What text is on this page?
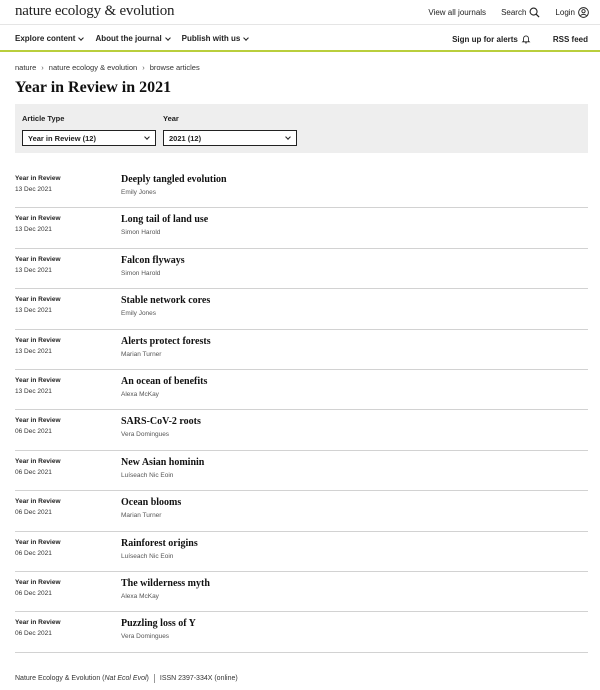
nature ecology & evolution	View all journals Search	Login
Explore content	About the journal	Publish with us	Sign up for alerts	RSS feed
nature › nature ecology & evolution › browse articles
Year in Review in 2021
Article Type
Year in Review (12)
Year
2021 (12)
Year in Review
13 Dec 2021
Deeply tangled evolution
Emily Jones
Year in Review
13 Dec 2021
Long tail of land use
Simon Harold
Year in Review
13 Dec 2021
Falcon flyways
Simon Harold
Year in Review
13 Dec 2021
Stable network cores
Emily Jones
Year in Review
13 Dec 2021
Alerts protect forests
Marian Turner
Year in Review
13 Dec 2021
An ocean of benefits
Alexa McKay
Year in Review
06 Dec 2021
SARS-CoV-2 roots
Vera Domingues
Year in Review
06 Dec 2021
New Asian hominin
Luíseach Nic Eoin
Year in Review
06 Dec 2021
Ocean blooms
Marian Turner
Year in Review
06 Dec 2021
Rainforest origins
Luíseach Nic Eoin
Year in Review
06 Dec 2021
The wilderness myth
Alexa McKay
Year in Review
06 Dec 2021
Puzzling loss of Y
Vera Domingues
Nature Ecology & Evolution ( Nat Ecol Evol ) ISSN 2397-334X (online)
